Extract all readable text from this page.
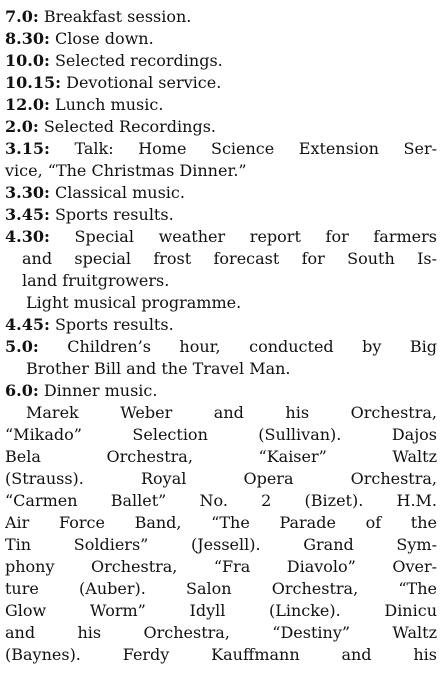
7.0: Breakfast session.
8.30: Close down.
10.0: Selected recordings.
10.15: Devotional service.
12.0: Lunch music.
2.0: Selected Recordings.
3.15: Talk: Home Science Extension Ser-
vice, “The Christmas Dinner.”
3.30: Classical music.
3.45: Sports results.
4.30: Special weather report for farmers
and special frost forecast for South Is-
land fruitgrowers.
Light musical programme.
4.45: Sports results.
5.0: Children’s hour, conducted by Big
Brother Bill and the Travel Man.
6.0: Dinner music.
Marek Weber and his Orchestra,
“Mikado” Selection (Sullivan). Dajos
Bela Orchestra, “Kaiser” Waltz
(Strauss). Royal Opera Orchestra,
“Carmen Ballet” No. 2 (Bizet). H.M.
Air Force Band, “The Parade of the
Tin Soldiers” (Jessell). Grand Sym-
phony Orchestra, “Fra Diavolo” Over-
ture (Auber). Salon Orchestra, “The
Glow Worm” Idyll (Lincke). Dinicu
and his Orchestra, “Destiny” Waltz
(Baynes). Ferdy Kauffmann and his
